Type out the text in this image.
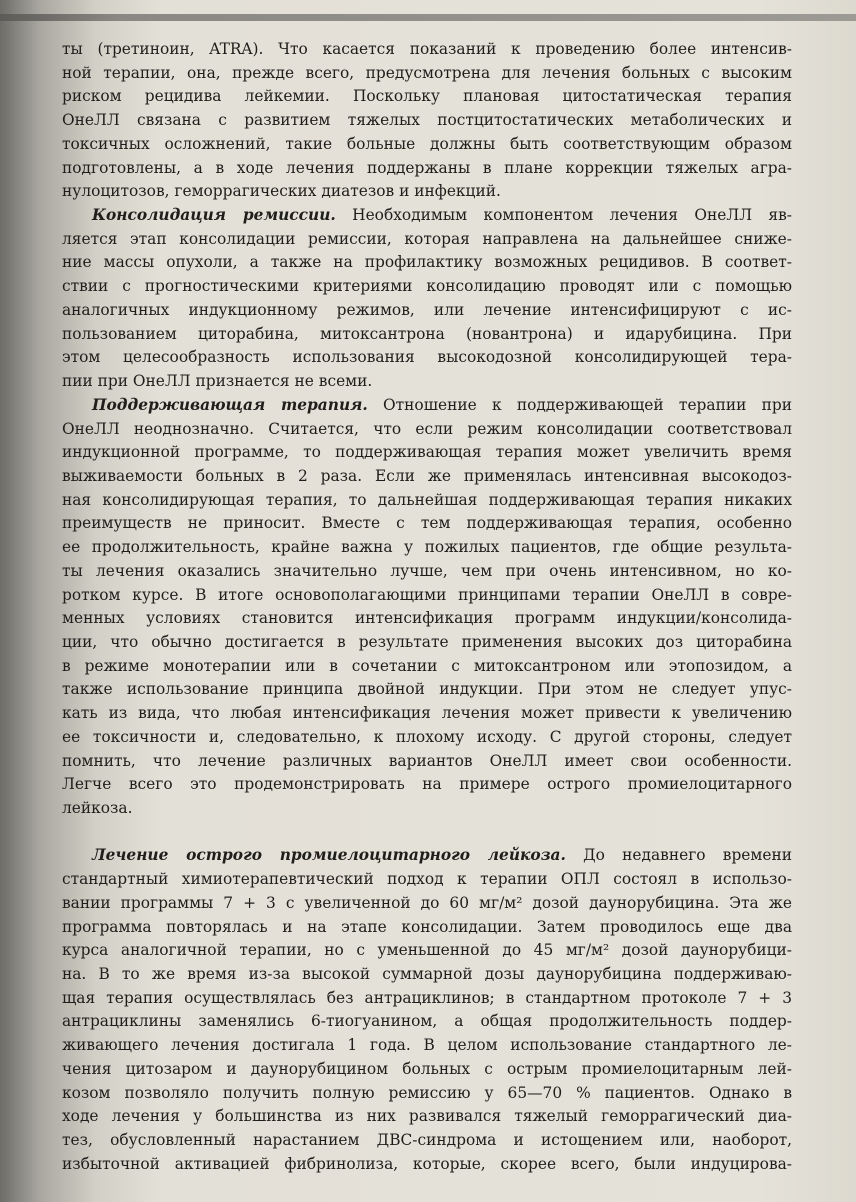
ты (третиноин, ATRA). Что касается показаний к проведению более интенсив-
ной терапии, она, прежде всего, предусмотрена для лечения больных с высоким
риском рецидива лейкемии. Поскольку плановая цитостатическая терапия
ОнеЛЛ связана с развитием тяжелых постцитостатических метаболических и
токсичных осложнений, такие больные должны быть соответствующим образом
подготовлены, а в ходе лечения поддержаны в плане коррекции тяжелых агра-
нулоцитозов, геморрагических диатезов и инфекций.
Консолидация ремиссии. Необходимым компонентом лечения ОнеЛЛ яв-
ляется этап консолидации ремиссии, которая направлена на дальнейшее сниже-
ние массы опухоли, а также на профилактику возможных рецидивов. В соответ-
ствии с прогностическими критериями консолидацию проводят или с помощью
аналогичных индукционному режимов, или лечение интенсифицируют с ис-
пользованием циторабина, митоксантрона (новантрона) и идарубицина. При
этом целесообразность использования высокодозной консолидирующей тера-
пии при ОнеЛЛ признается не всеми.
Поддерживающая терапия. Отношение к поддерживающей терапии при
ОнеЛЛ неоднозначно. Считается, что если режим консолидации соответствовал
индукционной программе, то поддерживающая терапия может увеличить время
выживаемости больных в 2 раза. Если же применялась интенсивная высокодоз-
ная консолидирующая терапия, то дальнейшая поддерживающая терапия никаких
преимуществ не приносит. Вместе с тем поддерживающая терапия, особенно
ее продолжительность, крайне важна у пожилых пациентов, где общие результа-
ты лечения оказались значительно лучше, чем при очень интенсивном, но ко-
ротком курсе. В итоге основополагающими принципами терапии ОнеЛЛ в совре-
менных условиях становится интенсификация программ индукции/консолида-
ции, что обычно достигается в результате применения высоких доз циторабина
в режиме монотерапии или в сочетании с митоксантроном или этопозидом, а
также использование принципа двойной индукции. При этом не следует упус-
кать из вида, что любая интенсификация лечения может привести к увеличению
ее токсичности и, следовательно, к плохому исходу. С другой стороны, следует
помнить, что лечение различных вариантов ОнеЛЛ имеет свои особенности.
Легче всего это продемонстрировать на примере острого промиелоцитарного
лейкоза.
Лечение острого промиелоцитарного лейкоза. До недавнего времени
стандартный химиотерапевтический подход к терапии ОПЛ состоял в использо-
вании программы 7 + 3 с увеличенной до 60 мг/м² дозой даунорубицина. Эта же
программа повторялась и на этапе консолидации. Затем проводилось еще два
курса аналогичной терапии, но с уменьшенной до 45 мг/м² дозой даунорубици-
на. В то же время из-за высокой суммарной дозы даунорубицина поддерживаю-
щая терапия осуществлялась без антрациклинов; в стандартном протоколе 7 + 3
антрациклины заменялись 6-тиогуанином, а общая продолжительность поддер-
живающего лечения достигала 1 года. В целом использование стандартного ле-
чения цитозаром и даунорубицином больных с острым промиелоцитарным лей-
козом позволяло получить полную ремиссию у 65—70 % пациентов. Однако в
ходе лечения у большинства из них развивался тяжелый геморрагический диа-
тез, обусловленный нарастанием ДВС-синдрома и истощением или, наоборот,
избыточной активацией фибринолиза, которые, скорее всего, были индуцирова-
